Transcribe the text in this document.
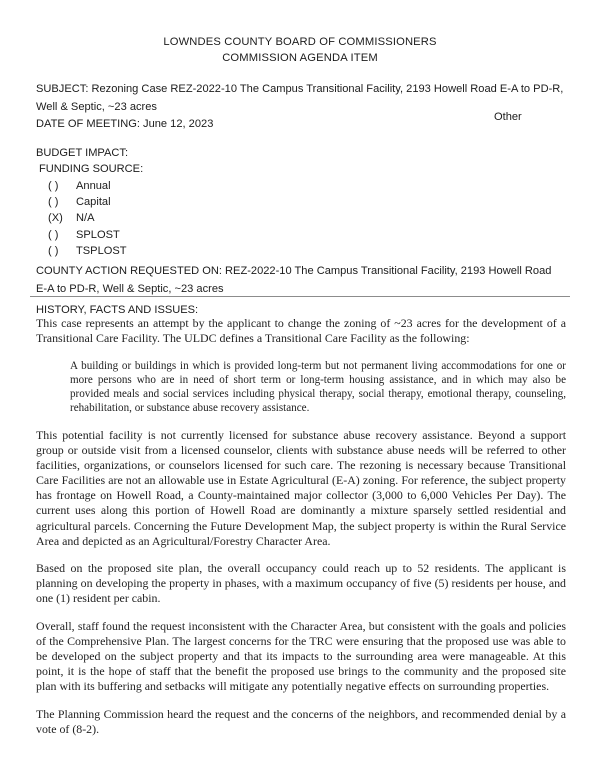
LOWNDES COUNTY BOARD OF COMMISSIONERS
COMMISSION AGENDA ITEM
SUBJECT: Rezoning Case REZ-2022-10 The Campus Transitional Facility, 2193 Howell Road E-A to PD-R, Well & Septic, ~23 acres
DATE OF MEETING: June 12, 2023
Other
BUDGET IMPACT:
FUNDING SOURCE:
( )	Annual
( )	Capital
(X)	N/A
( )	SPLOST
( )	TSPLOST
COUNTY ACTION REQUESTED ON: REZ-2022-10 The Campus Transitional Facility, 2193 Howell Road E-A to PD-R, Well & Septic, ~23 acres
HISTORY, FACTS AND ISSUES:

This case represents an attempt by the applicant to change the zoning of ~23 acres for the development of a Transitional Care Facility. The ULDC defines a Transitional Care Facility as the following:

A building or buildings in which is provided long-term but not permanent living accommodations for one or more persons who are in need of short term or long-term housing assistance, and in which may also be provided meals and social services including physical therapy, social therapy, emotional therapy, counseling, rehabilitation, or substance abuse recovery assistance.

This potential facility is not currently licensed for substance abuse recovery assistance. Beyond a support group or outside visit from a licensed counselor, clients with substance abuse needs will be referred to other facilities, organizations, or counselors licensed for such care. The rezoning is necessary because Transitional Care Facilities are not an allowable use in Estate Agricultural (E-A) zoning. For reference, the subject property has frontage on Howell Road, a County-maintained major collector (3,000 to 6,000 Vehicles Per Day). The current uses along this portion of Howell Road are dominantly a mixture sparsely settled residential and agricultural parcels. Concerning the Future Development Map, the subject property is within the Rural Service Area and depicted as an Agricultural/Forestry Character Area.

Based on the proposed site plan, the overall occupancy could reach up to 52 residents. The applicant is planning on developing the property in phases, with a maximum occupancy of five (5) residents per house, and one (1) resident per cabin.

Overall, staff found the request inconsistent with the Character Area, but consistent with the goals and policies of the Comprehensive Plan. The largest concerns for the TRC were ensuring that the proposed use was able to be developed on the subject property and that its impacts to the surrounding area were manageable. At this point, it is the hope of staff that the benefit the proposed use brings to the community and the proposed site plan with its buffering and setbacks will mitigate any potentially negative effects on surrounding properties.

The Planning Commission heard the request and the concerns of the neighbors, and recommended denial by a vote of (8-2).
